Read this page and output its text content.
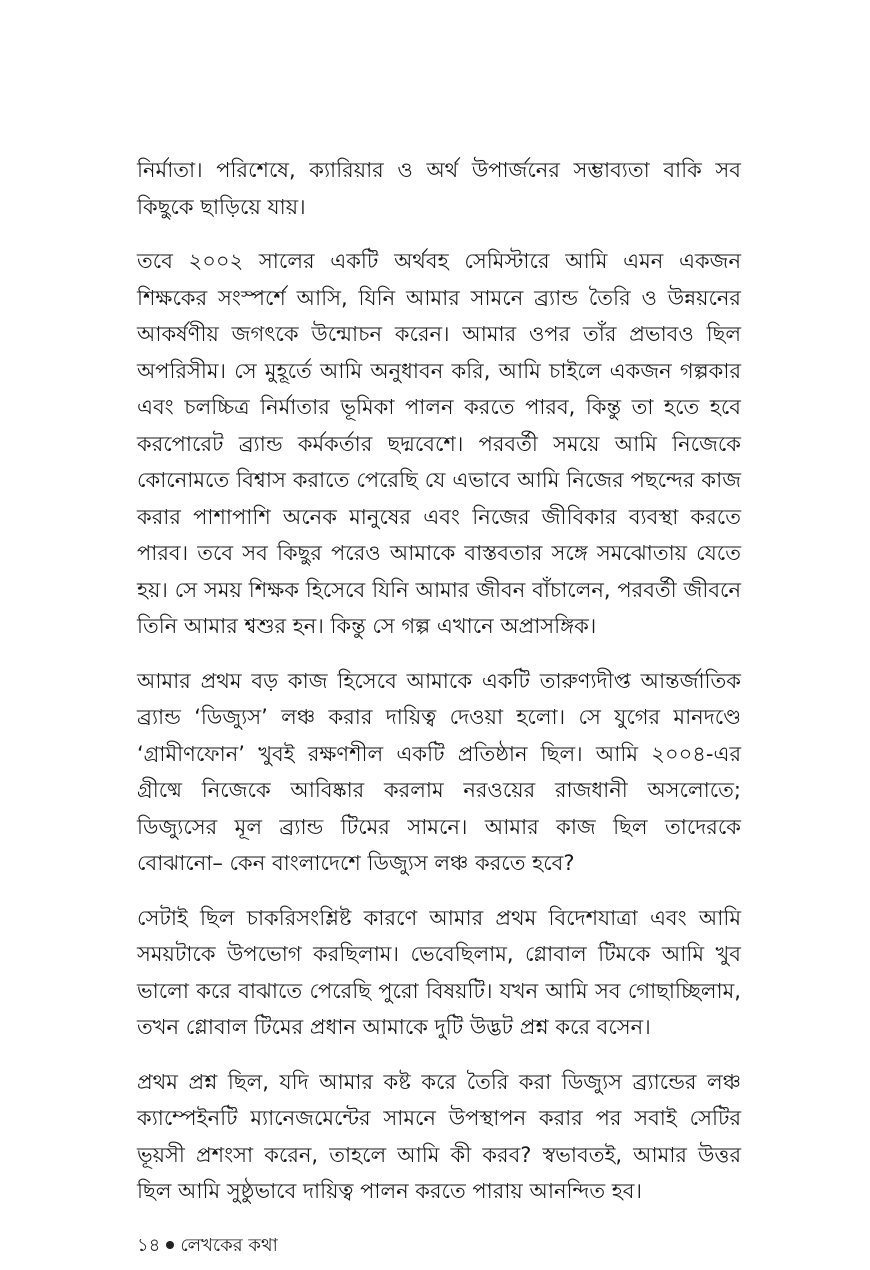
নির্মাতা। পরিশেষে, ক্যারিয়ার ও অর্থ উপার্জনের সম্ভাব্যতা বাকি সব কিছুকে ছাড়িয়ে যায়।

তবে ২০০২ সালের একটি অর্থবহ সেমিস্টারে আমি এমন একজন শিক্ষকের সংস্পর্শে আসি, যিনি আমার সামনে ব্র্যান্ড তৈরি ও উন্নয়নের আকর্ষণীয় জগৎকে উন্মোচন করেন। আমার ওপর তাঁর প্রভাবও ছিল অপরিসীম। সে মুহূর্তে আমি অনুধাবন করি, আমি চাইলে একজন গল্পকার এবং চলচ্চিত্র নির্মাতার ভূমিকা পালন করতে পারব, কিন্তু তা হতে হবে করপোরেট ব্র্যান্ড কর্মকর্তার ছদ্মবেশে। পরবর্তী সময়ে আমি নিজেকে কোনোমতে বিশ্বাস করাতে পেরেছি যে এভাবে আমি নিজের পছন্দের কাজ করার পাশাপাশি অনেক মানুষের এবং নিজের জীবিকার ব্যবস্থা করতে পারব। তবে সব কিছুর পরেও আমাকে বাস্তবতার সঙ্গে সমঝোতায় যেতে হয়। সে সময় শিক্ষক হিসেবে যিনি আমার জীবন বাঁচালেন, পরবর্তী জীবনে তিনি আমার শ্বশুর হন। কিন্তু সে গল্প এখানে অপ্রাসঙ্গিক।

আমার প্রথম বড় কাজ হিসেবে আমাকে একটি তারুণ্যদীপ্ত আন্তর্জাতিক ব্র্যান্ড ‘ডিজ্যুস’ লঞ্চ করার দায়িত্ব দেওয়া হলো। সে যুগের মানদণ্ডে ‘গ্রামীণফোন’ খুবই রক্ষণশীল একটি প্রতিষ্ঠান ছিল। আমি ২০০৪-এর গ্রীষ্মে নিজেকে আবিষ্কার করলাম নরওয়ের রাজধানী অসলোতে; ডিজ্যুসের মূল ব্র্যান্ড টিমের সামনে। আমার কাজ ছিল তাদেরকে বোঝানো– কেন বাংলাদেশে ডিজ্যুস লঞ্চ করতে হবে?

সেটাই ছিল চাকরিসংশ্লিষ্ট কারণে আমার প্রথম বিদেশযাত্রা এবং আমি সময়টাকে উপভোগ করছিলাম। ভেবেছিলাম, গ্লোবাল টিমকে আমি খুব ভালো করে বাঝাতে পেরেছি পুরো বিষয়টি। যখন আমি সব গোছাচ্ছিলাম, তখন গ্লোবাল টিমের প্রধান আমাকে দুটি উদ্ভট প্রশ্ন করে বসেন।

প্রথম প্রশ্ন ছিল, যদি আমার কষ্ট করে তৈরি করা ডিজ্যুস ব্র্যান্ডের লঞ্চ ক্যাম্পেইনটি ম্যানেজমেন্টের সামনে উপস্থাপন করার পর সবাই সেটির ভূয়সী প্রশংসা করেন, তাহলে আমি কী করব? স্বভাবতই, আমার উত্তর ছিল আমি সুষ্ঠুভাবে দায়িত্ব পালন করতে পারায় আনন্দিত হব।

১৪ লেখকের কথা
